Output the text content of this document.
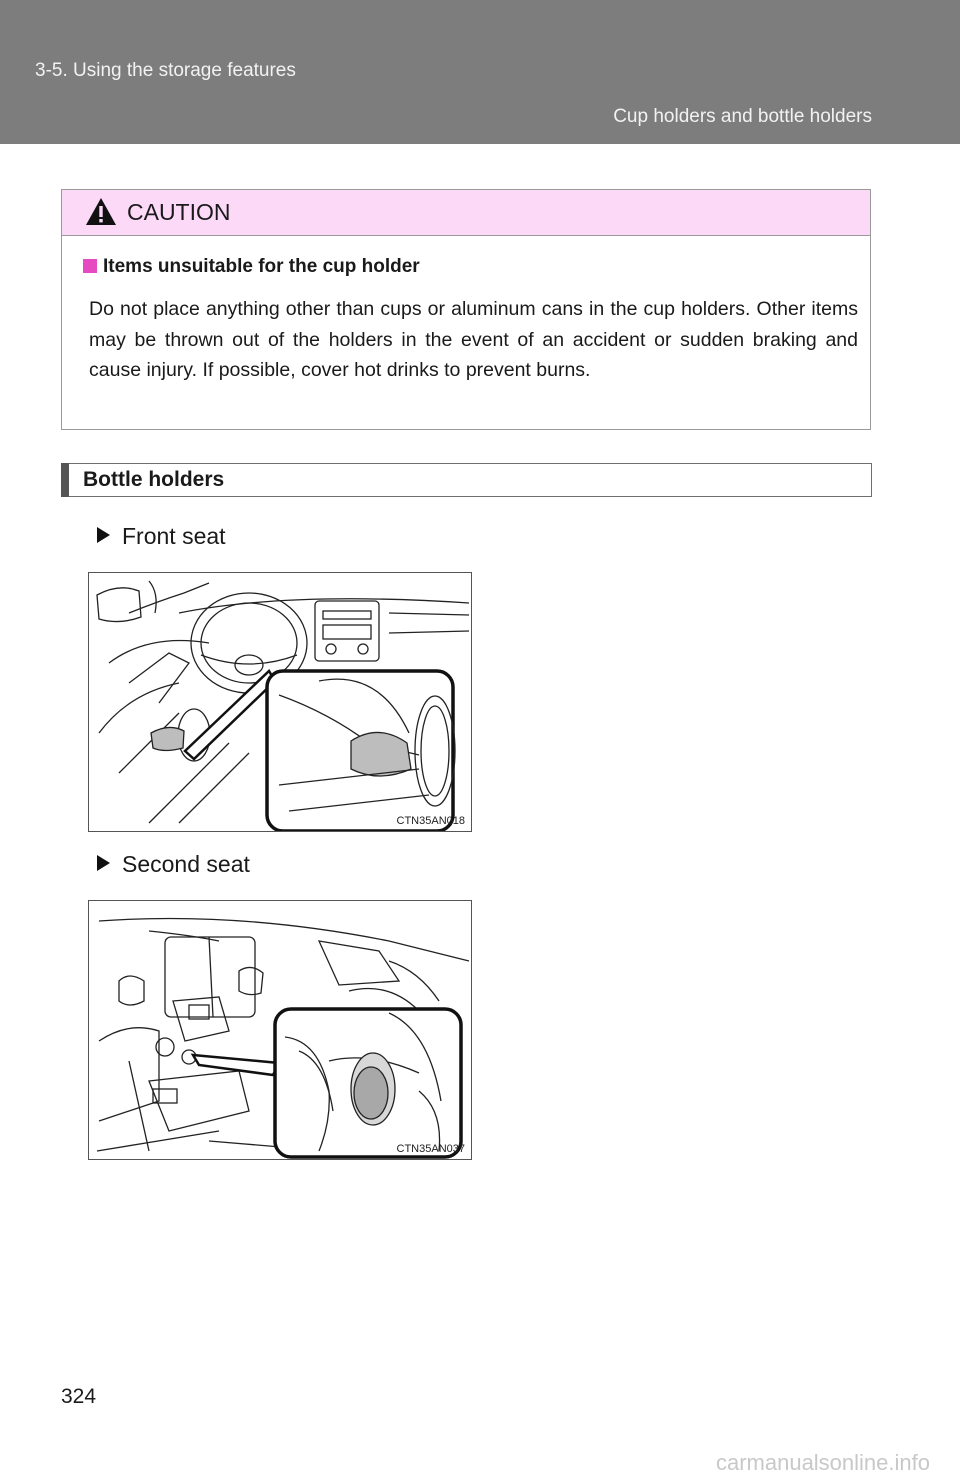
3-5. Using the storage features
Cup holders and bottle holders
CAUTION
Items unsuitable for the cup holder
Do not place anything other than cups or aluminum cans in the cup holders. Other items may be thrown out of the holders in the event of an accident or sudden braking and cause injury. If possible, cover hot drinks to prevent burns.
Bottle holders
Front seat
CTN35AN018
Second seat
CTN35AN037
324
carmanualsonline.info
